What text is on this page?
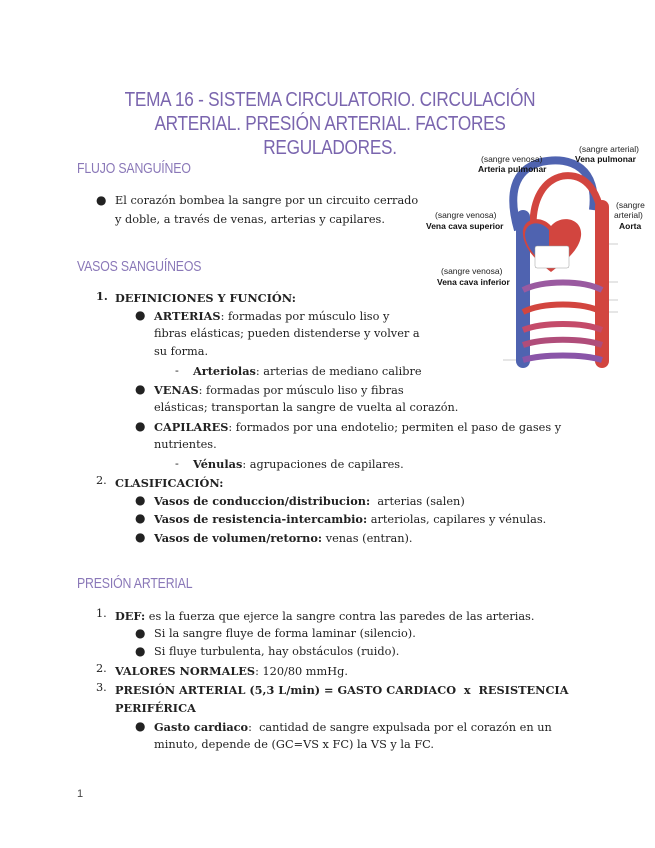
TEMA 16 - SISTEMA CIRCULATORIO. CIRCULACIÓN ARTERIAL. PRESIÓN ARTERIAL. FACTORES REGULADORES.
FLUJO SANGUÍNEO
● El corazón bombea la sangre por un circuito cerrado
y doble, a través de venas, arterias y capilares.
VASOS SANGUÍNEOS
1. DEFINICIONES Y FUNCIÓN:
● ARTERIAS: formadas por músculo liso y
fibras elásticas; pueden distenderse y volver a
su forma.
- Arteriolas: arterias de mediano calibre
● VENAS: formadas por músculo liso y fibras
elásticas; transportan la sangre de vuelta al corazón.
● CAPILARES: formados por una endotelio; permiten el paso de gases y
nutrientes.
- Vénulas: agrupaciones de capilares.
2. CLASIFICACIÓN:
● Vasos de conduccion/distribucion:  arterias (salen)
● Vasos de resistencia-intercambio: arteriolas, capilares y vénulas.
● Vasos de volumen/retorno: venas (entran).
PRESIÓN ARTERIAL
1. DEF: es la fuerza que ejerce la sangre contra las paredes de las arterias.
● Si la sangre fluye de forma laminar (silencio).
● Si fluye turbulenta, hay obstáculos (ruido).
2. VALORES NORMALES: 120/80 mmHg.
3. PRESIÓN ARTERIAL (5,3 L/min) = GASTO CARDIACO  x  RESISTENCIA
PERIFÉRICA
● Gasto cardiaco:  cantidad de sangre expulsada por el corazón en un
minuto, depende de (GC=VS x FC) la VS y la FC.
1
(sangre venosa)
Arteria pulmonar
(sangre arterial)
Vena pulmonar
(sangre venosa)
Vena cava superior
(sangre
arterial)
Aorta
(sangre venosa)
Vena cava inferior
